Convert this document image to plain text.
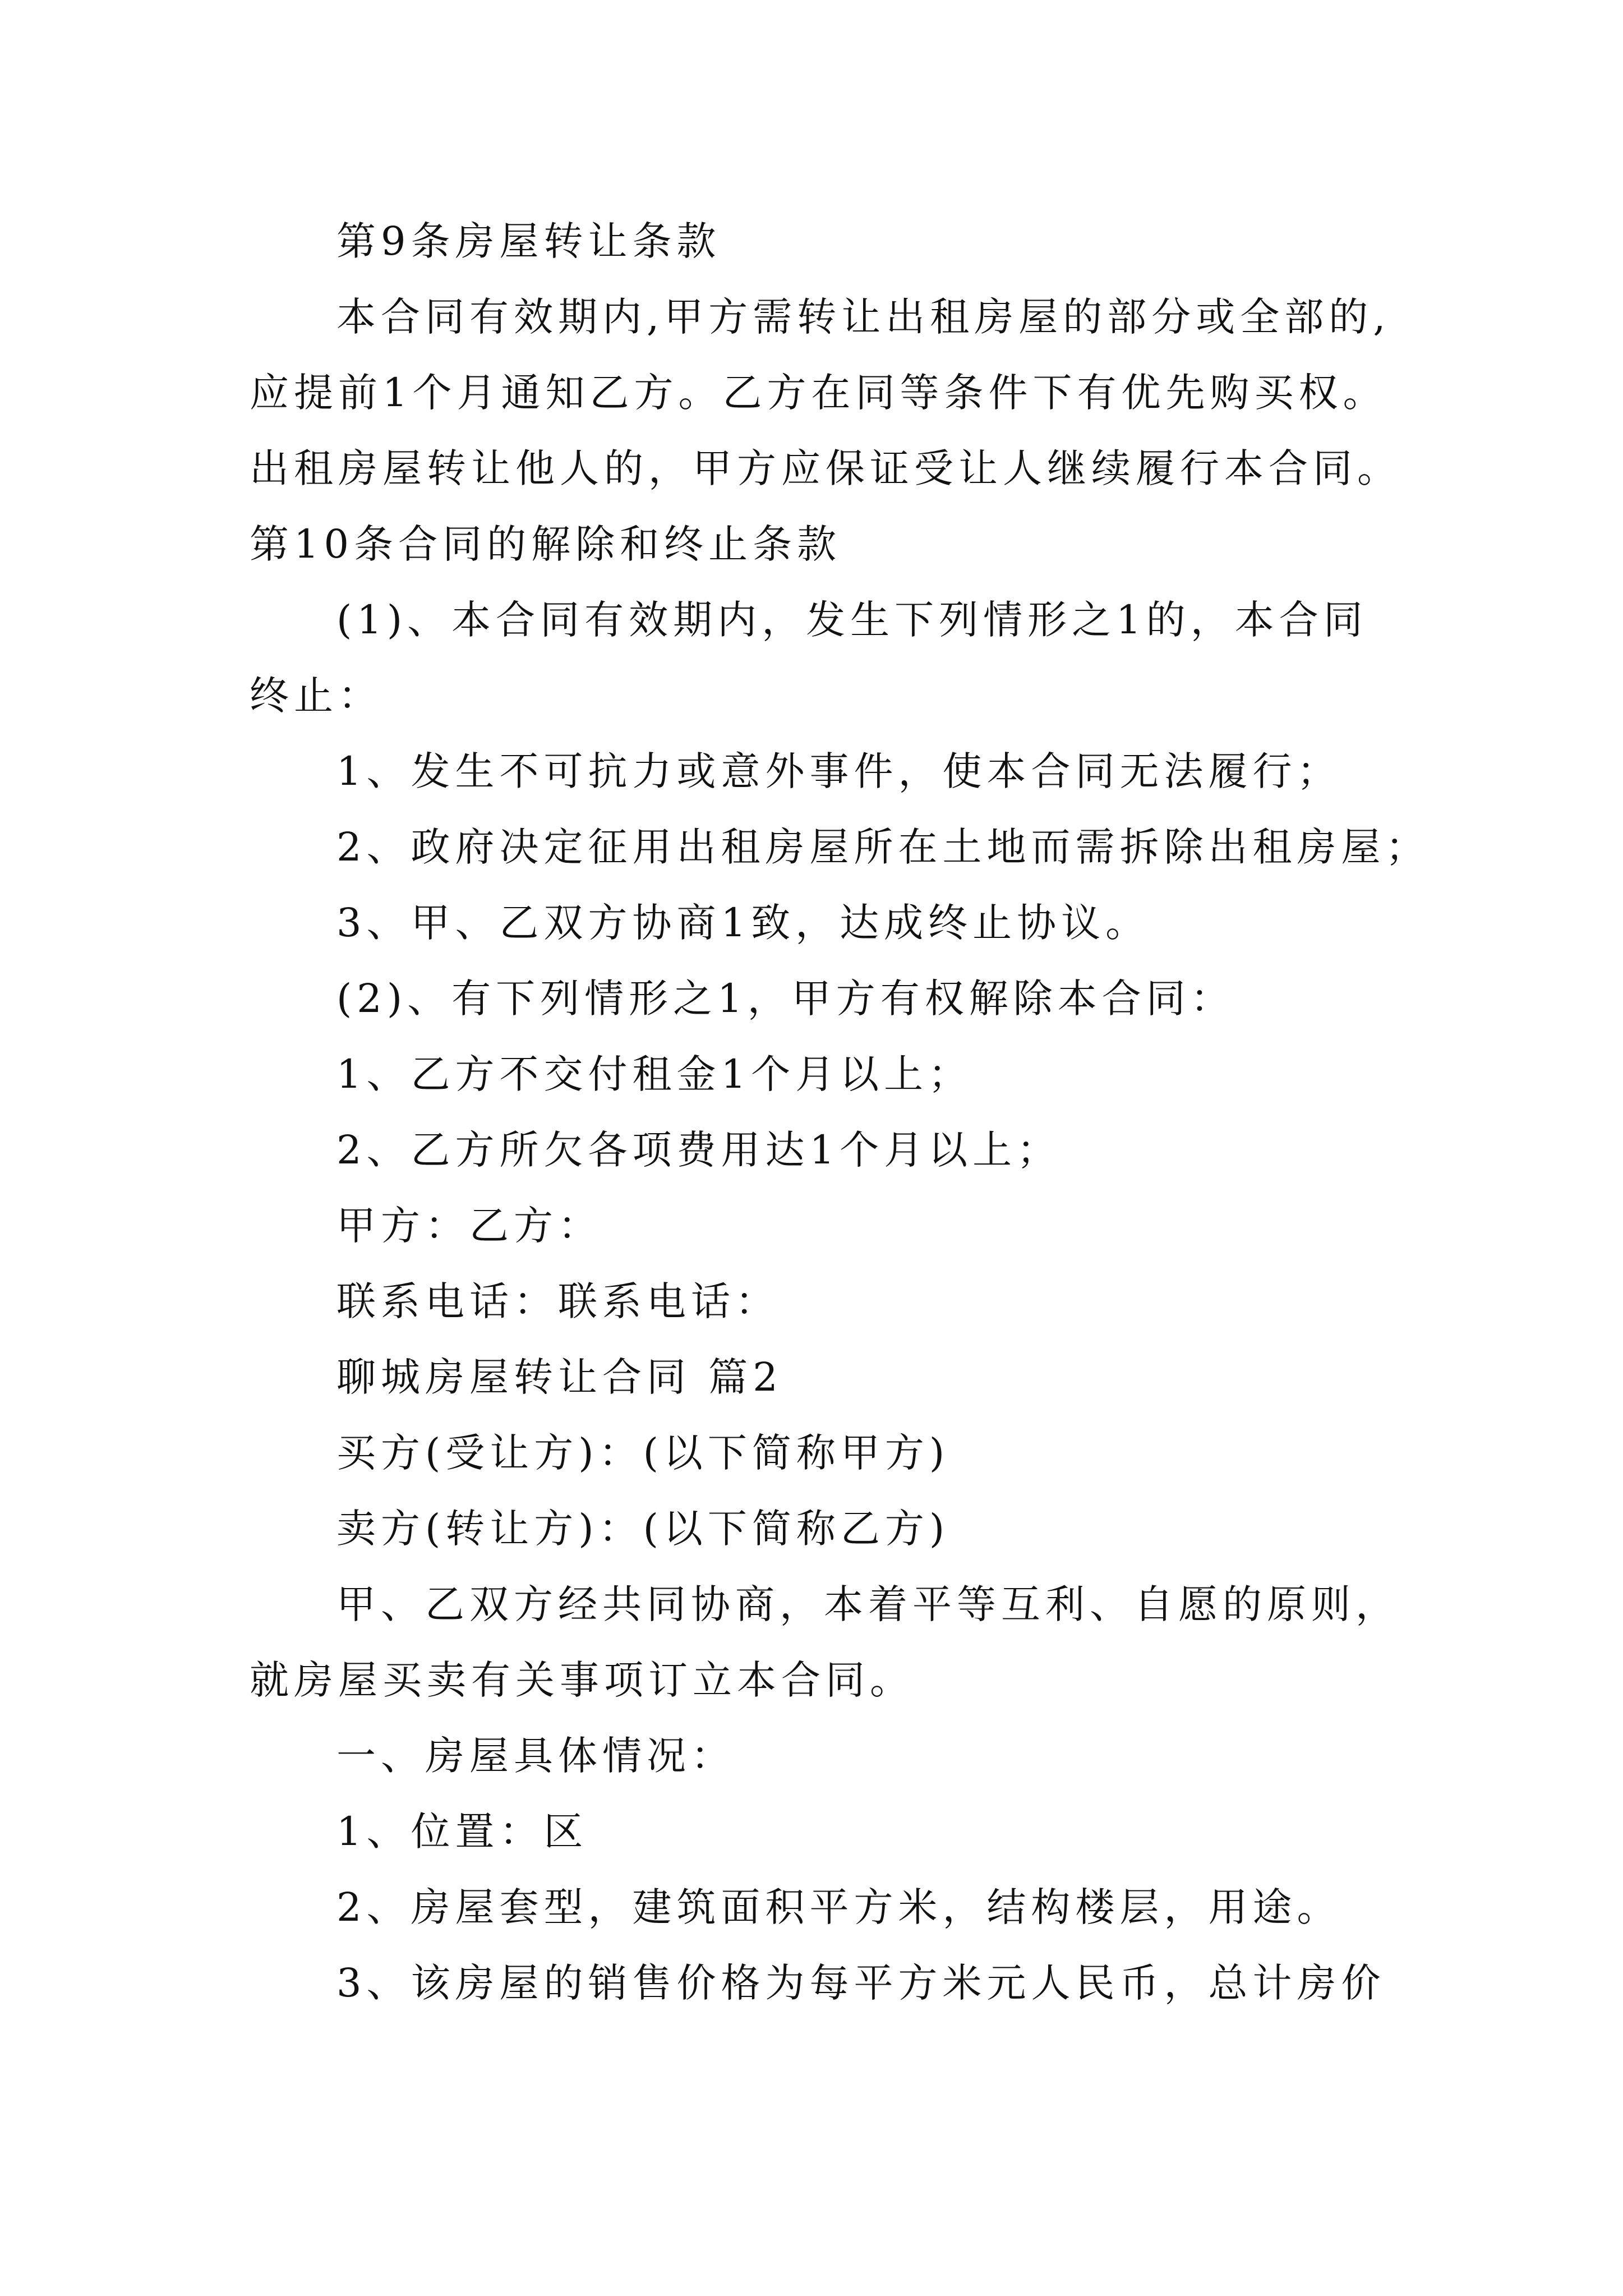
第9条房屋转让条款
本合同有效期内,甲方需转让出租房屋的部分或全部的,
应提前1个月通知乙方。乙方在同等条件下有优先购买权。
出租房屋转让他人的，甲方应保证受让人继续履行本合同。
第10条合同的解除和终止条款
(1)、本合同有效期内，发生下列情形之1的，本合同
终止：
1、发生不可抗力或意外事件，使本合同无法履行；
2、政府决定征用出租房屋所在土地而需拆除出租房屋；
3、甲、乙双方协商1致，达成终止协议。
(2)、有下列情形之1，甲方有权解除本合同：
1、乙方不交付租金1个月以上；
2、乙方所欠各项费用达1个月以上；
甲方：乙方：
联系电话：联系电话：
聊城房屋转让合同 篇2
买方(受让方)：(以下简称甲方)
卖方(转让方)：(以下简称乙方)
甲、乙双方经共同协商，本着平等互利、自愿的原则，
就房屋买卖有关事项订立本合同。
一、房屋具体情况：
1、位置：区
2、房屋套型，建筑面积平方米，结构楼层，用途。
3、该房屋的销售价格为每平方米元人民币，总计房价
